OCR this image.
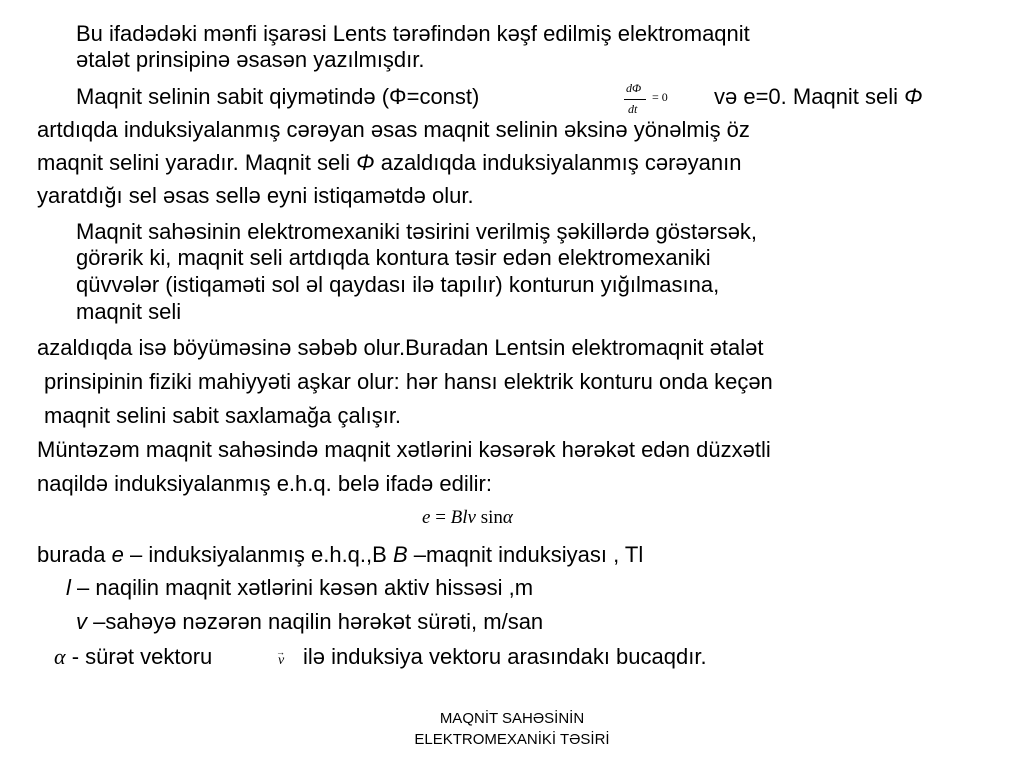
Bu ifadədəki mənfi işarəsi Lents tərəfindən kəşf edilmiş elektromaqnit
ətalət prinsipinə əsasən yazılmışdır.
Maqnit selinin sabit qiymətində (Φ=const)	dΦ
dt
= 0 və e=0. Maqnit seli Φ
artdıqda induksiyalanmış cərəyan əsas maqnit selinin əksinə yönəlmiş öz
maqnit selini yaradır. Maqnit seli Φ azaldıqda induksiyalanmış cərəyanın
yaratdığı sel əsas sellə eyni istiqamətdə olur.
Maqnit sahəsinin elektromexaniki təsirini verilmiş şəkillərdə göstərsək,
görərik ki, maqnit seli artdıqda kontura təsir edən elektromexaniki
qüvvələr (istiqaməti sol əl qaydası ilə tapılır) konturun yığılmasına,
maqnit seli
azaldıqda isə böyüməsinə səbəb olur.Buradan Lentsin elektromaqnit ətalət
prinsipinin fiziki mahiyyəti aşkar olur: hər hansı elektrik konturu onda keçən
maqnit selini sabit saxlamağa çalışır.
Müntəzəm maqnit sahəsində maqnit xətlərini kəsərək hərəkət edən düzxətli
naqildə induksiyalanmış e.h.q. belə ifadə edilir:
e = Blv sinα
burada e – induksiyalanmış e.h.q.,B B –maqnit induksiyası , Tl
l – naqilin maqnit xətlərini kəsən aktiv hissəsi ,m
v –sahəyə nəzərən naqilin hərəkət sürəti, m/san
α - sürət vektoru	→
v ilə induksiya vektoru arasındakı bucaqdır.
MAQNİT SAHƏSİNİN
ELEKTROMEXANİKİ TƏSİRİ
